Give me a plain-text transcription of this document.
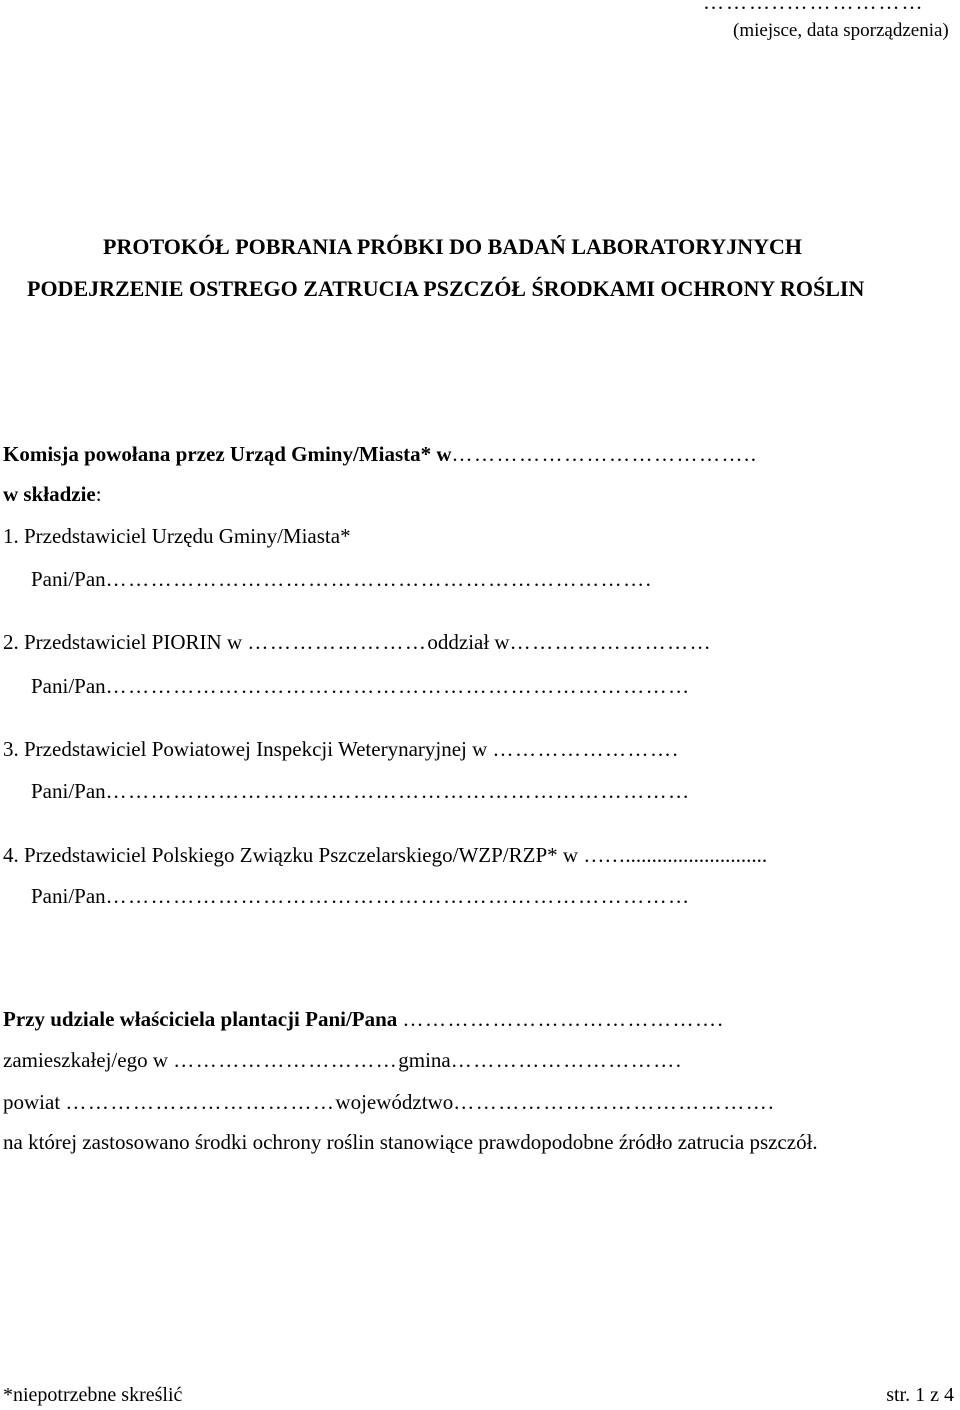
………..………………
(miejsce, data sporządzenia)
PROTOKÓŁ POBRANIA PRÓBKI DO BADAŃ LABORATORYJNYCH
PODEJRZENIE OSTREGO ZATRUCIA PSZCZÓŁ ŚRODKAMI OCHRONY ROŚLIN
Komisja powołana przez Urząd Gminy/Miasta* w…………………………………..
w składzie:
1. Przedstawiciel Urzędu Gminy/Miasta*
Pani/Pan……………………………………………………………….
2. Przedstawiciel PIORIN w ……………………oddział w………………………
Pani/Pan……………………………………………………………………
3. Przedstawiciel Powiatowej Inspekcji Weterynaryjnej w …………………….
Pani/Pan……………………………………………………………………
4. Przedstawiciel Polskiego Związku Pszczelarskiego/WZP/RZP* w ……...........................
Pani/Pan……………………………………………………………………
Przy udziale właściciela plantacji Pani/Pana …………………………………….
zamieszkałej/ego w …………………………gmina………………………….
powiat ………………………………województwo…………………………………….
na której zastosowano środki ochrony roślin stanowiące prawdopodobne źródło zatrucia pszczół.
*niepotrzebne skreślić	str. 1 z 4
